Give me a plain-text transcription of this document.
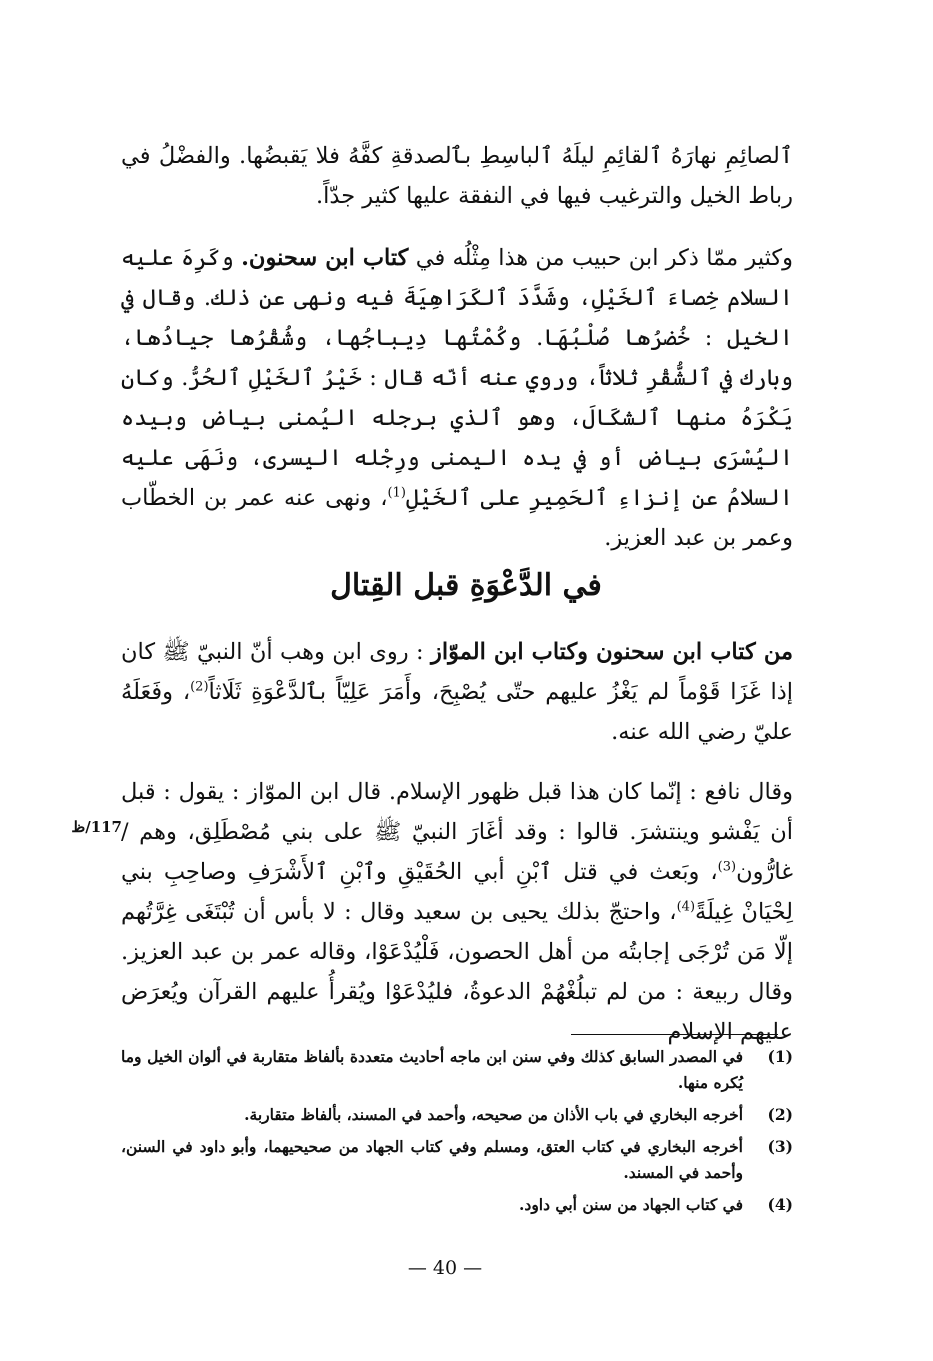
ٱلصائِمِ نهارَهُ ٱلقائِمِ ليلَهُ ٱلباسِطِ بٱلصدقةِ كفَّهُ فلا يَقبضُها. والفضْلُ في رباط الخيل والترغيب فيها في النفقة عليها كثير جدّاً.

وكثير ممّا ذكر ابن حبيب من هذا مِثْلُه في كتاب ابن سحنون. وكَرِهَ عليه السلام خِصاءَ ٱلخَيْلِ، وشَدَّدَ ٱلكَرَاهِيَةَ فيه ونهى عن ذلك. وقال في الخيل : خُضرُها صُلْبُهَا. وكُمْتُها دِيباجُها، وشُقْرُها جيادُها، وبارك في ٱلشُّقْرِ ثلاثاً، وروي عنه أنّه قال : خَيْرُ ٱلخَيْلِ ٱلحُرُّ. وكان يَكْرَهُ منها ٱلشكَالَ، وهو ٱلذي برجله اليُمنى بياض وبيده اليُسْرَى بياض أو في يده اليمنى ورِجْله اليسرى، ونَهَى عليه السلامُ عن إنزاءِ ٱلحَمِيرِ على ٱلخَيْلِ$^{(1)}$، ونهى عنه عمر بن الخطّاب وعمر بن عبد العزيز.

في الدَّعْوَةِ قبل القِتال

من كتاب ابن سحنون وكتاب ابن الموّاز : روى ابن وهب أنّ النبيّ ﷺ كان إذا غَزَا قَوْماً لم يَغْزُ عليهم حتّى يُصْبِحَ، وأَمَرَ عَلِيّاً بٱلدَّعْوَةِ ثَلَاثاً$^{(2)}$، وفَعَلَهُ عليّ رضي الله عنه.

وقال نافع : إنّما كان هذا قبل ظهور الإسلام. قال ابن الموّاز : يقول : قبل أن يَفْشو وينتشرَ. قالوا : وقد أغَارَ النبيّ ﷺ على بني مُصْطَلِق، وهم / غارُّون$^{(3)}$، وبَعث في قتل ٱبْنِ أبي الحُقَيْقِ وٱبْنِ ٱلأَشْرَفِ وصاحِبِ بني لِحْيَانْ غِيلَةً$^{(4)}$، واحتجّ بذلك يحيى بن سعيد وقال : لا بأس أن تُبْتَغَى غِرَّتُهم إلّا مَن تُرْجَى إجابتُه من أهل الحصون، فَلْيُدْعَوْا، وقاله عمر بن عبد العزيز. وقال ربيعة : من لم تبلُغْهُمْ الدعوةُ، فليُدْعَوْا ويُقرأُ عليهم القرآن ويُعرَض عليهم الإسلام

117/ظ
(1)
في المصدر السابق كذلك وفي سنن ابن ماجه أحاديث متعددة بألفاظ متقاربة في ألوان الخيل وما يُكره منها.
(2)
أخرجه البخاري في باب الأذان من صحيحه، وأحمد في المسند، بألفاظ متقاربة.
(3)
أخرجه البخاري في كتاب العتق، ومسلم وفي كتاب الجهاد من صحيحيهما، وأبو داود في السنن، وأحمد في المسند.
(4)
في كتاب الجهاد من سنن أبي داود.
— 40 —
